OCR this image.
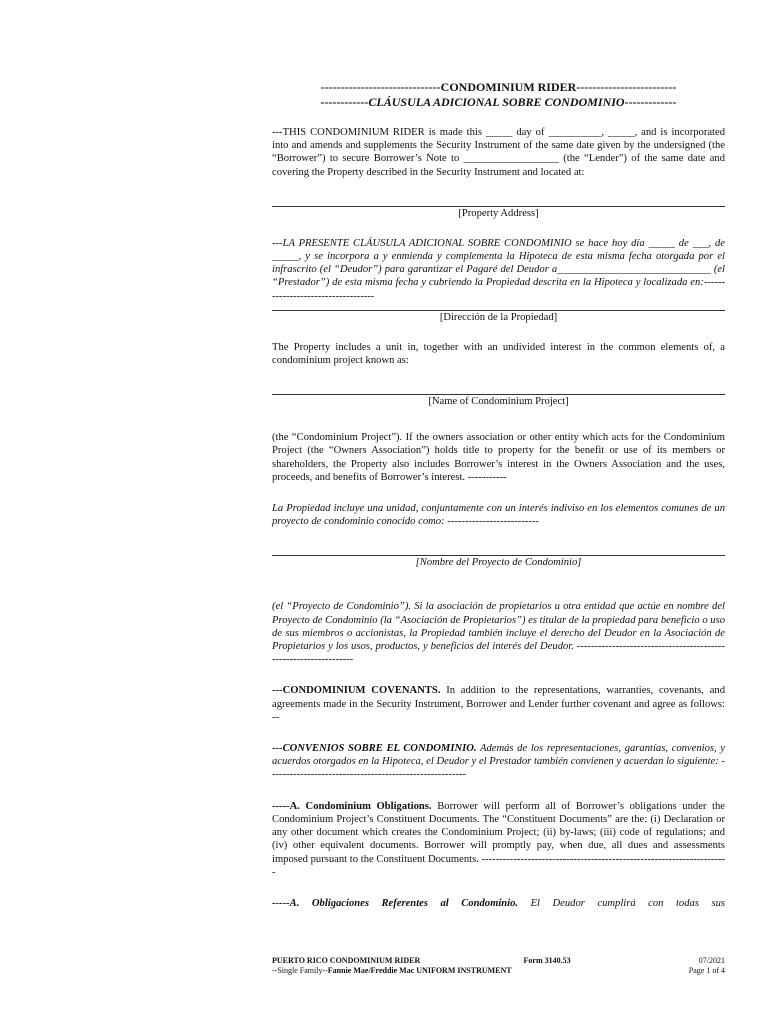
------------------------------CONDOMINIUM RIDER-------------------------
------------CLÁUSULA ADICIONAL SOBRE CONDOMINIO-------------

---THIS CONDOMINIUM RIDER is made this _____ day of __________, _____, and is incorporated into and amends and supplements the Security Instrument of the same date given by the undersigned (the “Borrower”) to secure Borrower’s Note to __________________ (the “Lender”) of the same date and covering the Property described in the Security Instrument and located at:

[Property Address]

---LA PRESENTE CLÁUSULA ADICIONAL SOBRE CONDOMINIO se hace hoy día _____ de ___, de _____, y se incorpora a y enmienda y complementa la Hipoteca de esta misma fecha otorgada por el infrascrito (el “Deudor”) para garantizar el Pagaré del Deudor a_____________________________ (el “Prestador”) de esta misma fecha y cubriendo la Propiedad descrita en la Hipoteca y localizada en:-----------------------------------

[Dirección de la Propiedad]

The Property includes a unit in, together with an undivided interest in the common elements of, a condominium project known as:

[Name of Condominium Project]

(the “Condominium Project”). If the owners association or other entity which acts for the Condominium Project (the “Owners Association”) holds title to property for the benefit or use of its members or shareholders, the Property also includes Borrower’s interest in the Owners Association and the uses, proceeds, and benefits of Borrower’s interest. -----------

La Propiedad incluye una unidad, conjuntamente con un interés indiviso en los elementos comunes de un proyecto de condominio conocido como: --------------------------

[Nombre del Proyecto de Condominio]

(el “Proyecto de Condominio”). Si la asociación de propietarios u otra entidad que actúe en nombre del Proyecto de Condominio (la “Asociación de Propietarios”) es titular de la propiedad para beneficio o uso de sus miembros o accionistas, la Propiedad también incluye el derecho del Deudor en la Asociación de Propietarios y los usos, productos, y beneficios del interés del Deudor. -----------------------------------------------------------------

---CONDOMINIUM COVENANTS. In addition to the representations, warranties, covenants, and agreements made in the Security Instrument, Borrower and Lender further covenant and agree as follows: --

---CONVENIOS SOBRE EL CONDOMINIO. Además de los representaciones, garantías, convenios, y acuerdos otorgados en la Hipoteca, el Deudor y el Prestador también convienen y acuerdan lo siguiente: --------------------------------------------------------

-----A. Condominium Obligations. Borrower will perform all of Borrower’s obligations under the Condominium Project’s Constituent Documents. The “Constituent Documents” are the: (i) Declaration or any other document which creates the Condominium Project; (ii) by-laws; (iii) code of regulations; and (iv) other equivalent documents. Borrower will promptly pay, when due, all dues and assessments imposed pursuant to the Constituent Documents. ----------------------------------------------------------------------

-----A. Obligaciones Referentes al Condominio. El Deudor cumplirá con todas sus

PUERTO RICO CONDOMINIUM RIDER	Form 3140.53	07/2021
--Single Family--Fannie Mae/Freddie Mac UNIFORM INSTRUMENT	Page 1 of 4
